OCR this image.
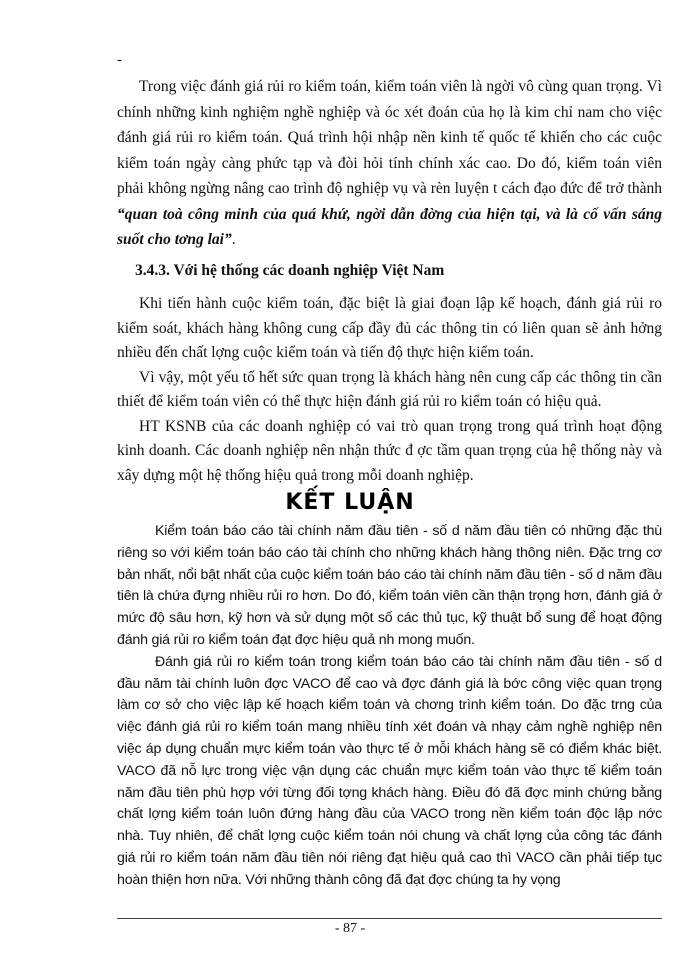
-

Trong việc đánh giá rủi ro kiểm toán, kiểm toán viên là ngời vô cùng quan trọng. Vì chính những kinh nghiệm nghề nghiệp và óc xét đoán của họ là kim chỉ nam cho việc đánh giá rủi ro kiểm toán. Quá trình hội nhập nền kinh tế quốc tế khiến cho các cuộc kiểm toán ngày càng phức tạp và đòi hỏi tính chính xác cao. Do đó, kiểm toán viên phải không ngừng nâng cao trình độ nghiệp vụ và rèn luyện t cách đạo đức để trở thành “quan toà công minh của quá khứ, ngời dẫn đờng của hiện tại, và là cố vấn sáng suốt cho tơng lai”.

3.4.3. Với hệ thống các doanh nghiệp Việt Nam

Khi tiến hành cuộc kiểm toán, đặc biệt là giai đoạn lập kế hoạch, đánh giá rủi ro kiểm soát, khách hàng không cung cấp đầy đủ các thông tin có liên quan sẽ ảnh hởng nhiều đến chất lợng cuộc kiểm toán và tiến độ thực hiện kiểm toán.

Vì vậy, một yếu tố hết sức quan trọng là khách hàng nên cung cấp các thông tin cần thiết để kiểm toán viên có thể thực hiện đánh giá rủi ro kiểm toán có hiệu quả.

HT KSNB của các doanh nghiệp có vai trò quan trọng trong quá trình hoạt động kinh doanh. Các doanh nghiệp nên nhận thức đ ợc tầm quan trọng của hệ thống này và xây dựng một hệ thống hiệu quả trong mỗi doanh nghiệp.

KẾT LUẬN

Kiểm toán báo cáo tài chính năm đầu tiên - số d năm đầu tiên có những đặc thù riêng so với kiểm toán báo cáo tài chính cho những khách hàng thông niên. Đặc trng cơ bản nhất, nổi bật nhất của cuộc kiểm toán báo cáo tài chính năm đầu tiên - số d năm đầu tiên là chứa đựng nhiều rủi ro hơn. Do đó, kiểm toán viên cần thận trọng hơn, đánh giá ở mức độ sâu hơn, kỹ hơn và sử dụng một số các thủ tục, kỹ thuật bổ sung để hoạt động đánh giá rủi ro kiểm toán đạt đợc hiệu quả nh mong muốn.

Đánh giá rủi ro kiểm toán trong kiểm toán báo cáo tài chính năm đầu tiên - số d đầu năm tài chính luôn đợc VACO để cao và đợc đánh giá là bớc công việc quan trọng làm cơ sở cho việc lập kế hoạch kiểm toán và chơng trình kiểm toán. Do đặc trng của việc đánh giá rủi ro kiểm toán mang nhiều tính xét đoán và nhạy cảm nghề nghiệp nên việc áp dụng chuẩn mực kiểm toán vào thực tế ở mỗi khách hàng sẽ có điểm khác biệt. VACO đã nỗ lực trong việc vận dụng các chuẩn mực kiểm toán vào thực tế kiểm toán năm đầu tiên phù hợp với từng đối tợng khách hàng. Điều đó đã đợc minh chứng bằng chất lợng kiểm toán luôn đứng hàng đầu của VACO trong nền kiểm toán độc lập nớc nhà. Tuy nhiên, để chất lợng cuộc kiểm toán nói chung và chất lợng của công tác đánh giá rủi ro kiểm toán năm đầu tiên nói riêng đạt hiệu quả cao thì VACO cần phải tiếp tục hoàn thiện hơn nữa. Với những thành công đã đạt đợc chúng ta hy vọng

- 87 -
